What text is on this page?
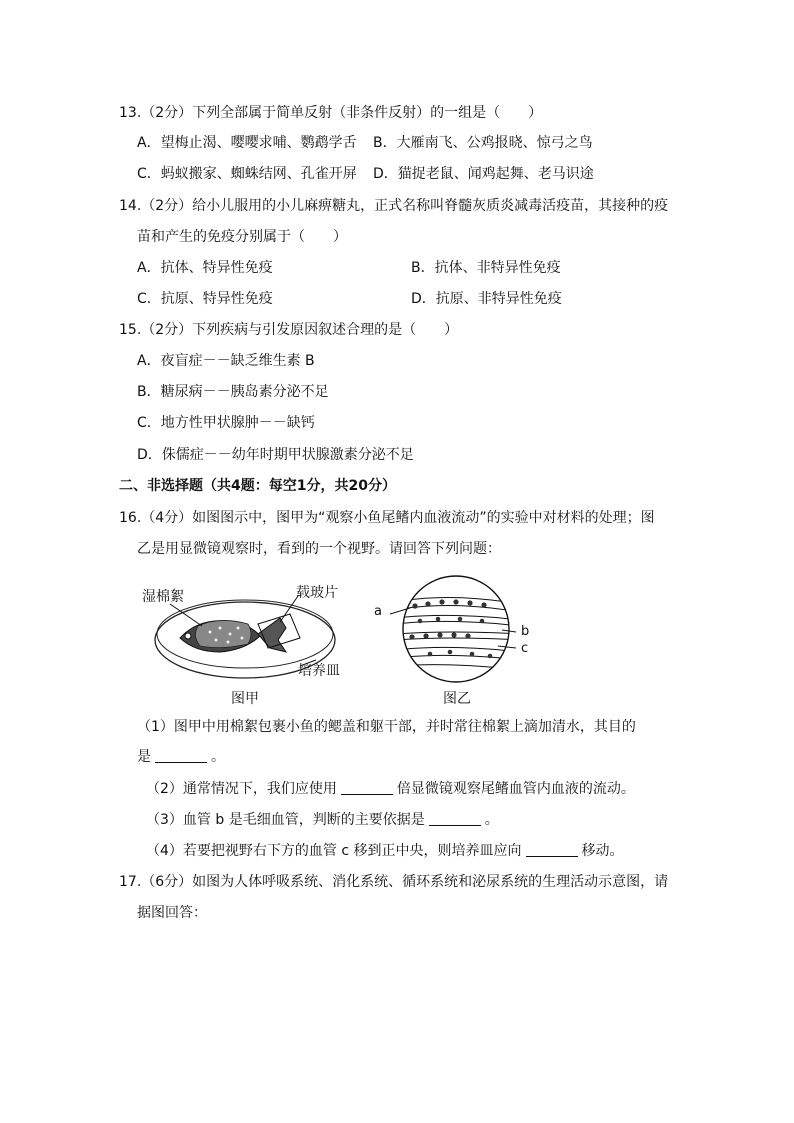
13.（2分）下列全部属于简单反射（非条件反射）的一组是（　　）
A．望梅止渴、嘤嘤求哺、鹦鹉学舌 B．大雁南飞、公鸡报晓、惊弓之鸟
C．蚂蚁搬家、蜘蛛结网、孔雀开屏 D．猫捉老鼠、闻鸡起舞、老马识途
14.（2分）给小儿服用的小儿麻痹糖丸，正式名称叫脊髓灰质炎减毒活疫苗，其接种的疫
苗和产生的免疫分别属于（　　）
A．抗体、特异性免疫	B．抗体、非特异性免疫
C．抗原、特异性免疫	D．抗原、非特异性免疫
15.（2分）下列疾病与引发原因叙述合理的是（　　）
A．夜盲症－－缺乏维生素 B
B．糖尿病－－胰岛素分泌不足
C．地方性甲状腺肿－－缺钙
D．侏儒症－－幼年时期甲状腺激素分泌不足
二、非选择题（共4题：每空1分，共20分）
16.（4分）如图图示中，图甲为“观察小鱼尾鳍内血液流动”的实验中对材料的处理；图
乙是用显微镜观察时，看到的一个视野。请回答下列问题：
湿棉絮	载玻片
培养皿
图甲
a
b
c
图乙
（1）图甲中用棉絮包裹小鱼的鳃盖和躯干部，并时常往棉絮上滴加清水，其目的
是	。
（2）通常情况下，我们应使用	倍显微镜观察尾鳍血管内血液的流动。
（3）血管 b 是毛细血管，判断的主要依据是	。
（4）若要把视野右下方的血管 c 移到正中央，则培养皿应向	移动。
17.（6分）如图为人体呼吸系统、消化系统、循环系统和泌尿系统的生理活动示意图，请
据图回答：
